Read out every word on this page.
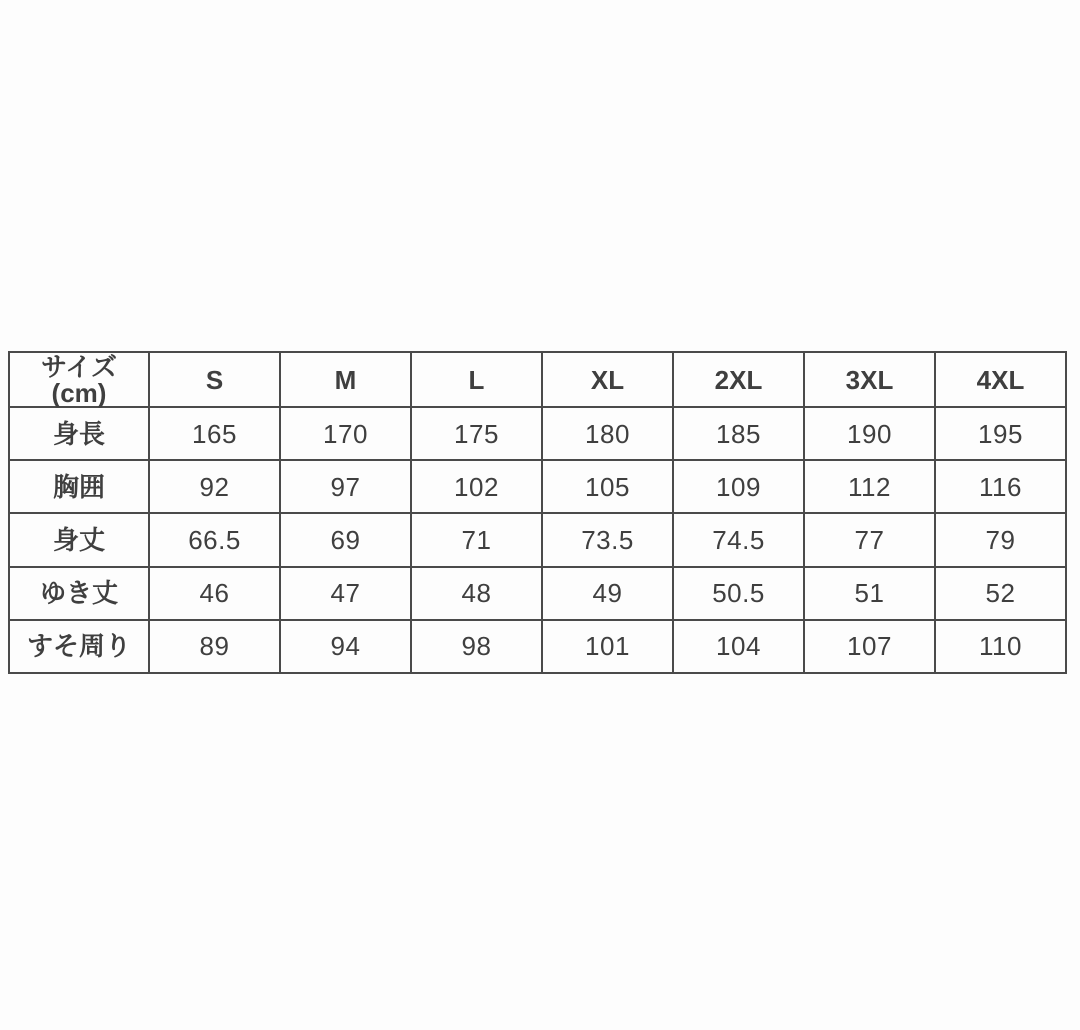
サイズ (cm)	S	M	L	XL	2XL	3XL	4XL
身長	165	170	175	180	185	190	195
胸囲	92	97	102	105	109	112	116
身丈	66.5	69	71	73.5	74.5	77	79
ゆき丈	46	47	48	49	50.5	51	52
すそ周り	89	94	98	101	104	107	110
